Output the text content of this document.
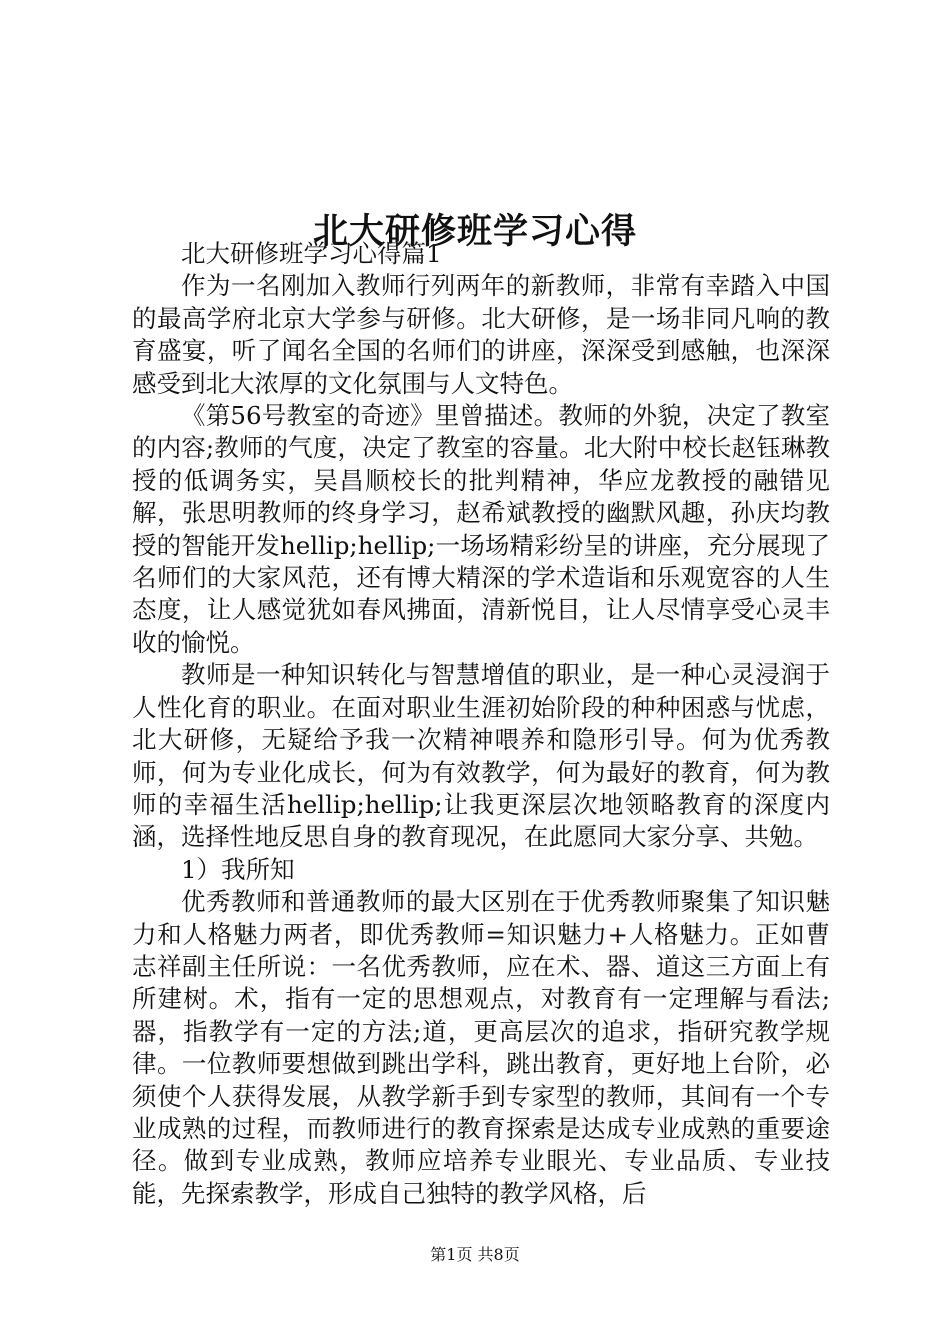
北大研修班学习心得

北大研修班学习心得篇1

作为一名刚加入教师行列两年的新教师，非常有幸踏入中国的最高学府北京大学参与研修。北大研修，是一场非同凡响的教育盛宴，听了闻名全国的名师们的讲座，深深受到感触，也深深感受到北大浓厚的文化氛围与人文特色。

《第56号教室的奇迹》里曾描述。教师的外貌，决定了教室的内容;教师的气度，决定了教室的容量。北大附中校长赵钰琳教授的低调务实，吴昌顺校长的批判精神，华应龙教授的融错见解，张思明教师的终身学习，赵希斌教授的幽默风趣，孙庆均教授的智能开发hellip;hellip;一场场精彩纷呈的讲座，充分展现了名师们的大家风范，还有博大精深的学术造诣和乐观宽容的人生态度，让人感觉犹如春风拂面，清新悦目，让人尽情享受心灵丰收的愉悦。

教师是一种知识转化与智慧增值的职业，是一种心灵浸润于人性化育的职业。在面对职业生涯初始阶段的种种困惑与忧虑，北大研修，无疑给予我一次精神喂养和隐形引导。何为优秀教师，何为专业化成长，何为有效教学，何为最好的教育，何为教师的幸福生活hellip;hellip;让我更深层次地领略教育的深度内涵，选择性地反思自身的教育现况，在此愿同大家分享、共勉。

1）我所知

优秀教师和普通教师的最大区别在于优秀教师聚集了知识魅力和人格魅力两者，即优秀教师=知识魅力+人格魅力。正如曹志祥副主任所说：一名优秀教师，应在术、器、道这三方面上有所建树。术，指有一定的思想观点，对教育有一定理解与看法;器，指教学有一定的方法;道，更高层次的追求，指研究教学规律。一位教师要想做到跳出学科，跳出教育，更好地上台阶，必须使个人获得发展，从教学新手到专家型的教师，其间有一个专业成熟的过程，而教师进行的教育探索是达成专业成熟的重要途径。做到专业成熟，教师应培养专业眼光、专业品质、专业技能，先探索教学，形成自己独特的教学风格，后

第1页 共8页
